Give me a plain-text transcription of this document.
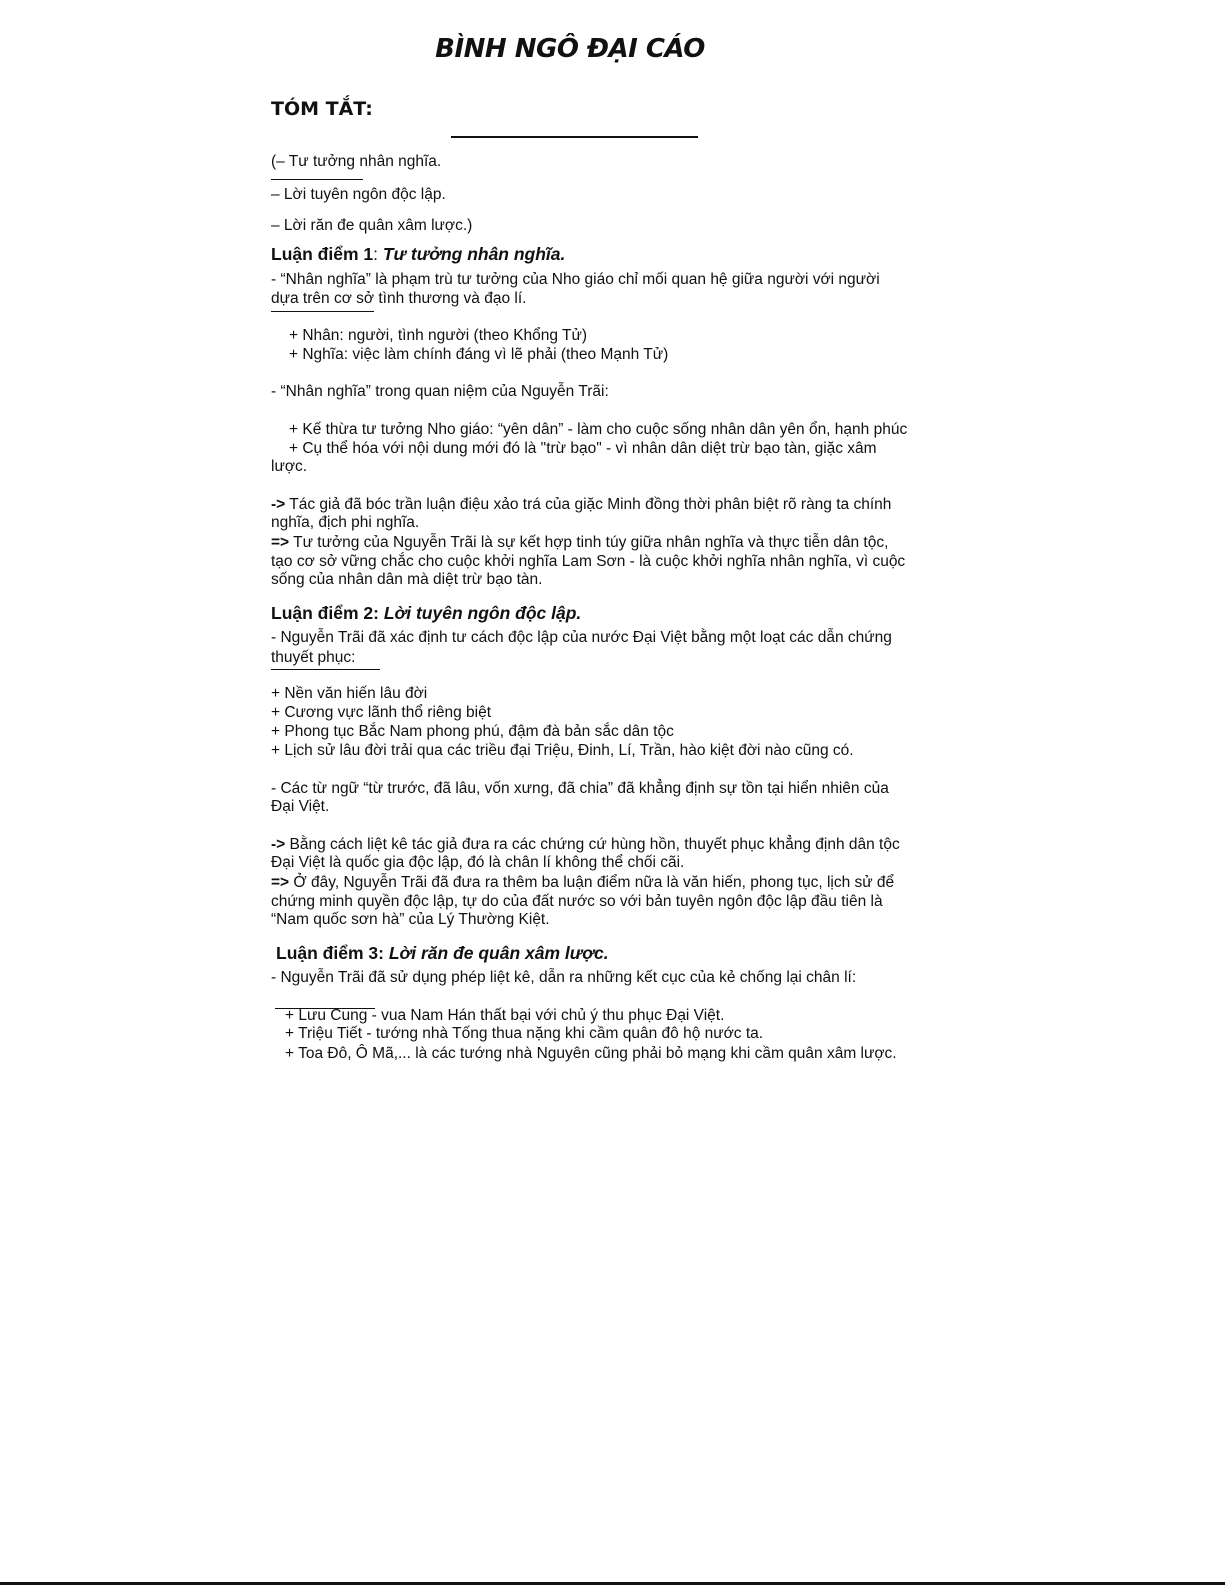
BÌNH NGÔ ĐẠI CÁO
TÓM TẮT:
(– Tư tưởng nhân nghĩa.
– Lời tuyên ngôn độc lập.
– Lời răn đe quân xâm lược.)
Luận điểm 1: Tư tưởng nhân nghĩa.
- “Nhân nghĩa” là phạm trù tư tưởng của Nho giáo chỉ mối quan hệ giữa người với người
dựa trên cơ sở tình thương và đạo lí.
+ Nhân: người, tình người (theo Khổng Tử)
+ Nghĩa: việc làm chính đáng vì lẽ phải (theo Mạnh Tử)
- “Nhân nghĩa” trong quan niệm của Nguyễn Trãi:
+ Kế thừa tư tưởng Nho giáo: “yên dân” - làm cho cuộc sống nhân dân yên ổn, hạnh phúc
+ Cụ thể hóa với nội dung mới đó là "trừ bạo" - vì nhân dân diệt trừ bạo tàn, giặc xâm
lược.
-> Tác giả đã bóc trần luận điệu xảo trá của giặc Minh đồng thời phân biệt rõ ràng ta chính
nghĩa, địch phi nghĩa.
=> Tư tưởng của Nguyễn Trãi là sự kết hợp tinh túy giữa nhân nghĩa và thực tiễn dân tộc,
tạo cơ sở vững chắc cho cuộc khởi nghĩa Lam Sơn - là cuộc khởi nghĩa nhân nghĩa, vì cuộc
sống của nhân dân mà diệt trừ bạo tàn.
Luận điểm 2: Lời tuyên ngôn độc lập.
- Nguyễn Trãi đã xác định tư cách độc lập của nước Đại Việt bằng một loạt các dẫn chứng
thuyết phục:
+ Nền văn hiến lâu đời
+ Cương vực lãnh thổ riêng biệt
+ Phong tục Bắc Nam phong phú, đậm đà bản sắc dân tộc
+ Lịch sử lâu đời trải qua các triều đại Triệu, Đinh, Lí, Trần, hào kiệt đời nào cũng có.
- Các từ ngữ “từ trước, đã lâu, vốn xưng, đã chia” đã khẳng định sự tồn tại hiển nhiên của
Đại Việt.
-> Bằng cách liệt kê tác giả đưa ra các chứng cứ hùng hồn, thuyết phục khẳng định dân tộc
Đại Việt là quốc gia độc lập, đó là chân lí không thể chối cãi.
=> Ở đây, Nguyễn Trãi đã đưa ra thêm ba luận điểm nữa là văn hiến, phong tục, lịch sử để
chứng minh quyền độc lập, tự do của đất nước so với bản tuyên ngôn độc lập đầu tiên là
“Nam quốc sơn hà” của Lý Thường Kiệt.
Luận điểm 3: Lời răn đe quân xâm lược.
- Nguyễn Trãi đã sử dụng phép liệt kê, dẫn ra những kết cục của kẻ chống lại chân lí:
+ Lưu Cung - vua Nam Hán thất bại với chủ ý thu phục Đại Việt.
+ Triệu Tiết - tướng nhà Tống thua nặng khi cầm quân đô hộ nước ta.
+ Toa Đô, Ô Mã,... là các tướng nhà Nguyên cũng phải bỏ mạng khi cầm quân xâm lược.
